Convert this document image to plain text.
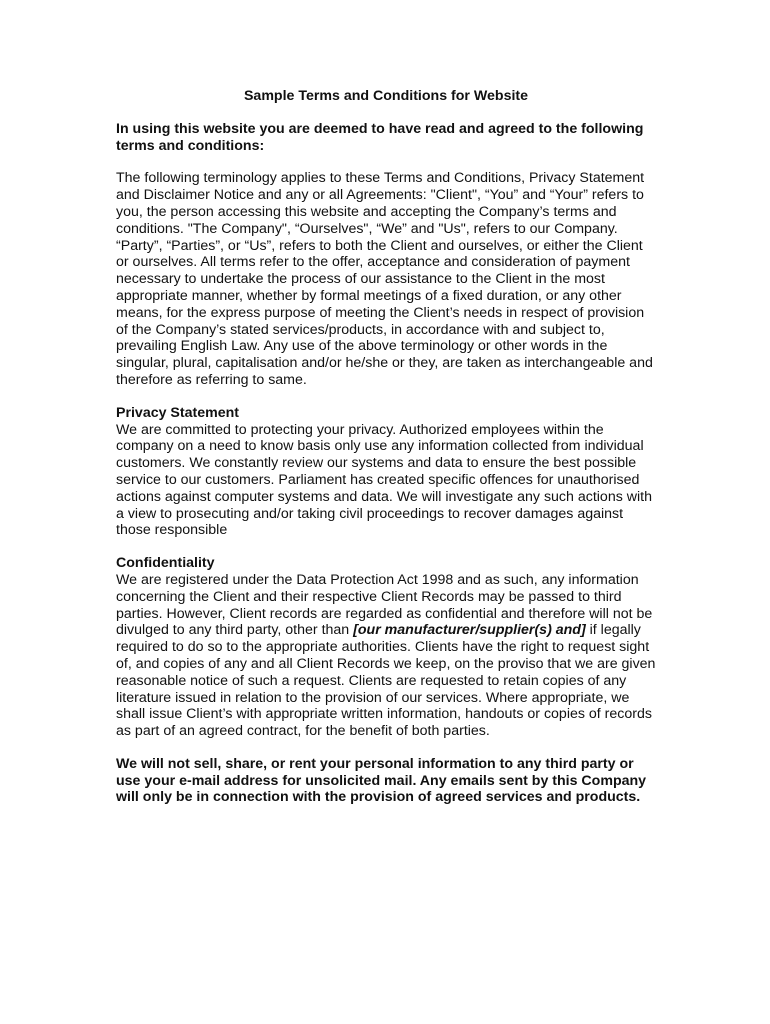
Sample Terms and Conditions for Website
In using this website you are deemed to have read and agreed to the following terms and conditions:

The following terminology applies to these Terms and Conditions, Privacy Statement and Disclaimer Notice and any or all Agreements: "Client", “You” and “Your” refers to you, the person accessing this website and accepting the Company’s terms and conditions. "The Company", “Ourselves", “We” and "Us", refers to our Company. “Party”, “Parties”, or “Us”, refers to both the Client and ourselves, or either the Client or ourselves. All terms refer to the offer, acceptance and consideration of payment necessary to undertake the process of our assistance to the Client in the most appropriate manner, whether by formal meetings of a fixed duration, or any other means, for the express purpose of meeting the Client’s needs in respect of provision of the Company’s stated services/products, in accordance with and subject to, prevailing English Law. Any use of the above terminology or other words in the singular, plural, capitalisation and/or he/she or they, are taken as interchangeable and therefore as referring to same.

Privacy Statement
We are committed to protecting your privacy. Authorized employees within the company on a need to know basis only use any information collected from individual customers. We constantly review our systems and data to ensure the best possible service to our customers. Parliament has created specific offences for unauthorised actions against computer systems and data. We will investigate any such actions with a view to prosecuting and/or taking civil proceedings to recover damages against those responsible
Confidentiality
We are registered under the Data Protection Act 1998 and as such, any information concerning the Client and their respective Client Records may be passed to third parties. However, Client records are regarded as confidential and therefore will not be divulged to any third party, other than [our manufacturer/supplier(s) and] if legally required to do so to the appropriate authorities. Clients have the right to request sight of, and copies of any and all Client Records we keep, on the proviso that we are given reasonable notice of such a request. Clients are requested to retain copies of any literature issued in relation to the provision of our services. Where appropriate, we shall issue Client’s with appropriate written information, handouts or copies of records as part of an agreed contract, for the benefit of both parties.
We will not sell, share, or rent your personal information to any third party or use your e-mail address for unsolicited mail. Any emails sent by this Company will only be in connection with the provision of agreed services and products.
